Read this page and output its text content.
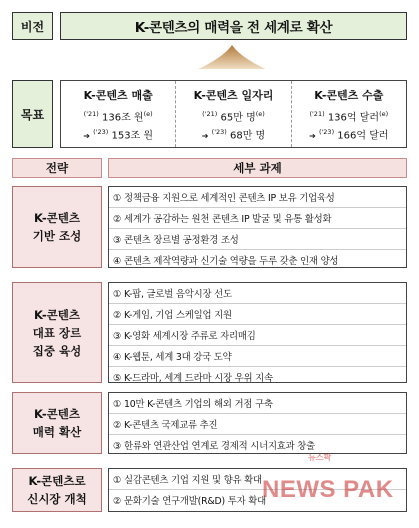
비전	K-콘텐츠의 매력을 전 세계로 확산
목표
K-콘텐츠 매출
$^{('21)}$ 136조 원$^{(e)}$
➔ $^{('23)}$ 153조 원
K-콘텐츠 일자리
$^{('21)}$ 65만 명$^{(e)}$
➔ $^{('23)}$ 68만 명
K-콘텐츠 수출
$^{('21)}$ 136억 달러$^{(e)}$
➔ $^{('23)}$ 166억 달러
전략	세부 과제
K-콘텐츠
기반 조성
① 정책금융 지원으로 세계적인 콘텐츠 IP 보유 기업육성
② 세계가 공감하는 원천 콘텐츠 IP 발굴 및 유통 활성화
③ 콘텐츠 장르별 공정환경 조성
④ 콘텐츠 제작역량과 신기술 역량을 두루 갖춘 인재 양성
K-콘텐츠
대표 장르
집중 육성
① K-팝, 글로벌 음악시장 선도
② K-게임, 기업 스케일업 지원
③ K-영화 세계시장 주류로 자리매김
④ K-웹툰, 세계 3대 강국 도약
⑤ K-드라마, 세계 드라마 시장 우위 지속
K-콘텐츠
매력 확산
① 10만 K-콘텐츠 기업의 해외 거점 구축
② K-콘텐츠 국제교류 추진
③ 한류와 연관산업 연계로 경제적 시너지효과 창출
K-콘텐츠로
신시장 개척
① 실감콘텐츠 기업 지원 및 향유 확대
② 문화기술 연구개발(R&D) 투자 확대
뉴스팍
NEWS PAK
